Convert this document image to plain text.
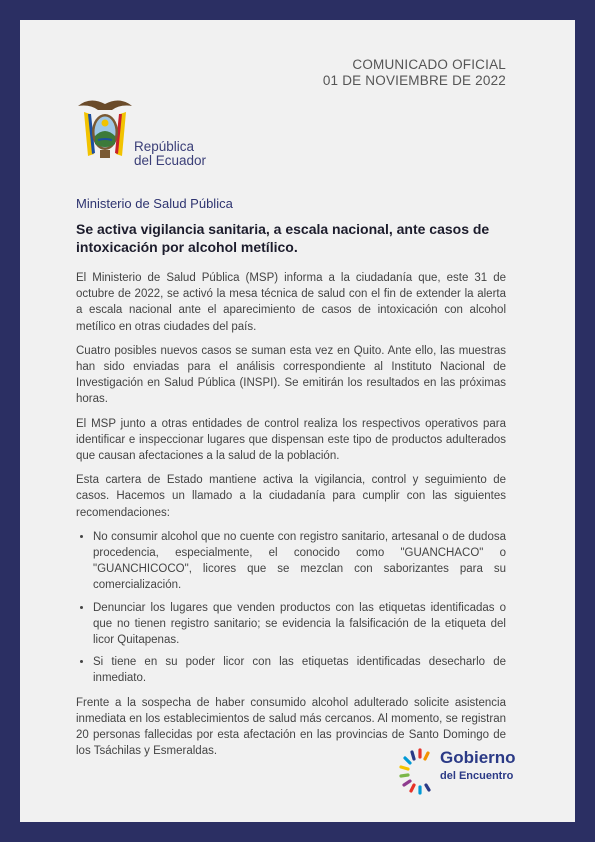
COMUNICADO OFICIAL
01 DE NOVIEMBRE DE 2022
República
del Ecuador
Ministerio de Salud Pública
Se activa vigilancia sanitaria, a escala nacional, ante casos de intoxicación por alcohol metílico.

El Ministerio de Salud Pública (MSP) informa a la ciudadanía que, este 31 de octubre de 2022, se activó la mesa técnica de salud con el fin de extender la alerta a escala nacional ante el aparecimiento de casos de intoxicación con alcohol metílico en otras ciudades del país.

Cuatro posibles nuevos casos se suman esta vez en Quito. Ante ello, las muestras han sido enviadas para el análisis correspondiente al Instituto Nacional de Investigación en Salud Pública (INSPI). Se emitirán los resultados en las próximas horas.

El MSP junto a otras entidades de control realiza los respectivos operativos para identificar e inspeccionar lugares que dispensan este tipo de productos adulterados que causan afectaciones a la salud de la población.

Esta cartera de Estado mantiene activa la vigilancia, control y seguimiento de casos. Hacemos un llamado a la ciudadanía para cumplir con las siguientes recomendaciones:

• No consumir alcohol que no cuente con registro sanitario, artesanal o de dudosa procedencia, especialmente, el conocido como "GUANCHACO" o "GUANCHICOCO", licores que se mezclan con saborizantes para su comercialización.
• Denunciar los lugares que venden productos con las etiquetas identificadas o que no tienen registro sanitario; se evidencia la falsificación de la etiqueta del licor Quitapenas.
• Si tiene en su poder licor con las etiquetas identificadas desecharlo de inmediato.

Frente a la sospecha de haber consumido alcohol adulterado solicite asistencia inmediata en los establecimientos de salud más cercanos. Al momento, se registran 20 personas fallecidas por esta afectación en las provincias de Santo Domingo de los Tsáchilas y Esmeraldas.	Gobierno
del Encuentro
